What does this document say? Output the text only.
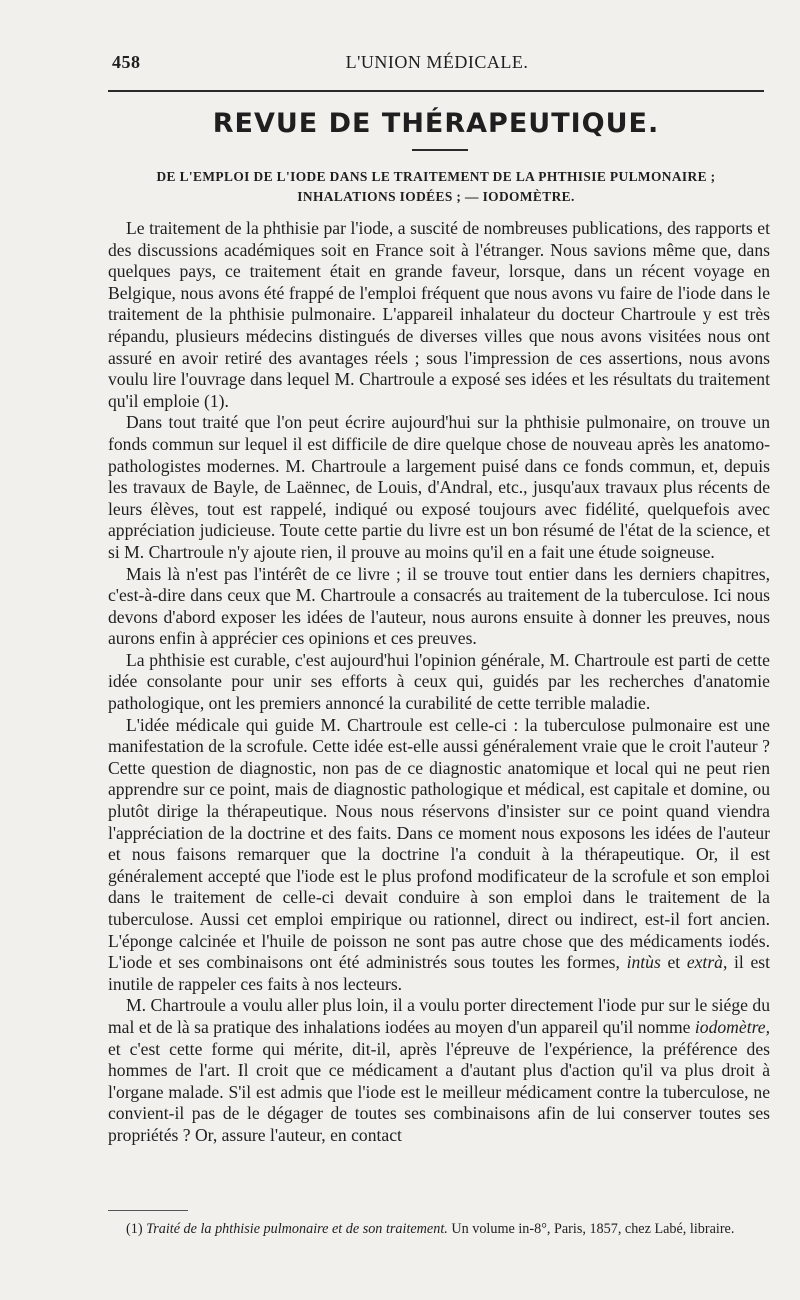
458	L'UNION MÉDICALE.
REVUE DE THÉRAPEUTIQUE.
DE L'EMPLOI DE L'IODE DANS LE TRAITEMENT DE LA PHTHISIE PULMONAIRE ;
INHALATIONS IODÉES ; — IODOMÈTRE.

Le traitement de la phthisie par l'iode, a suscité de nombreuses publications, des rapports et des discussions académiques soit en France soit à l'étranger. Nous savions même que, dans quelques pays, ce traitement était en grande faveur, lorsque, dans un récent voyage en Belgique, nous avons été frappé de l'emploi fréquent que nous avons vu faire de l'iode dans le traitement de la phthisie pulmonaire. L'appareil inhalateur du docteur Chartroule y est très répandu, plusieurs médecins distingués de diverses villes que nous avons visitées nous ont assuré en avoir retiré des avantages réels ; sous l'impression de ces assertions, nous avons voulu lire l'ouvrage dans lequel M. Chartroule a exposé ses idées et les résultats du traitement qu'il emploie (1).

Dans tout traité que l'on peut écrire aujourd'hui sur la phthisie pulmonaire, on trouve un fonds commun sur lequel il est difficile de dire quelque chose de nouveau après les anatomo-pathologistes modernes. M. Chartroule a largement puisé dans ce fonds commun, et, depuis les travaux de Bayle, de Laënnec, de Louis, d'Andral, etc., jusqu'aux travaux plus récents de leurs élèves, tout est rappelé, indiqué ou exposé toujours avec fidélité, quelquefois avec appréciation judicieuse. Toute cette partie du livre est un bon résumé de l'état de la science, et si M. Chartroule n'y ajoute rien, il prouve au moins qu'il en a fait une étude soigneuse.

Mais là n'est pas l'intérêt de ce livre ; il se trouve tout entier dans les derniers chapitres, c'est-à-dire dans ceux que M. Chartroule a consacrés au traitement de la tuberculose. Ici nous devons d'abord exposer les idées de l'auteur, nous aurons ensuite à donner les preuves, nous aurons enfin à apprécier ces opinions et ces preuves.

La phthisie est curable, c'est aujourd'hui l'opinion générale, M. Chartroule est parti de cette idée consolante pour unir ses efforts à ceux qui, guidés par les recherches d'anatomie pathologique, ont les premiers annoncé la curabilité de cette terrible maladie.

L'idée médicale qui guide M. Chartroule est celle-ci : la tuberculose pulmonaire est une manifestation de la scrofule. Cette idée est-elle aussi généralement vraie que le croit l'auteur ? Cette question de diagnostic, non pas de ce diagnostic anatomique et local qui ne peut rien apprendre sur ce point, mais de diagnostic pathologique et médical, est capitale et domine, ou plutôt dirige la thérapeutique. Nous nous réservons d'insister sur ce point quand viendra l'appréciation de la doctrine et des faits. Dans ce moment nous exposons les idées de l'auteur et nous faisons remarquer que la doctrine l'a conduit à la thérapeutique. Or, il est généralement accepté que l'iode est le plus profond modificateur de la scrofule et son emploi dans le traitement de celle-ci devait conduire à son emploi dans le traitement de la tuberculose. Aussi cet emploi empirique ou rationnel, direct ou indirect, est-il fort ancien. L'éponge calcinée et l'huile de poisson ne sont pas autre chose que des médicaments iodés. L'iode et ses combinaisons ont été administrés sous toutes les formes, intùs et extrà, il est inutile de rappeler ces faits à nos lecteurs.

M. Chartroule a voulu aller plus loin, il a voulu porter directement l'iode pur sur le siége du mal et de là sa pratique des inhalations iodées au moyen d'un appareil qu'il nomme iodomètre, et c'est cette forme qui mérite, dit-il, après l'épreuve de l'expérience, la préférence des hommes de l'art. Il croit que ce médicament a d'autant plus d'action qu'il va plus droit à l'organe malade. S'il est admis que l'iode est le meilleur médicament contre la tuberculose, ne convient-il pas de le dégager de toutes ses combinaisons afin de lui conserver toutes ses propriétés ? Or, assure l'auteur, en contact

(1) Traité de la phthisie pulmonaire et de son traitement. Un volume in-8°, Paris, 1857, chez Labé, libraire.
